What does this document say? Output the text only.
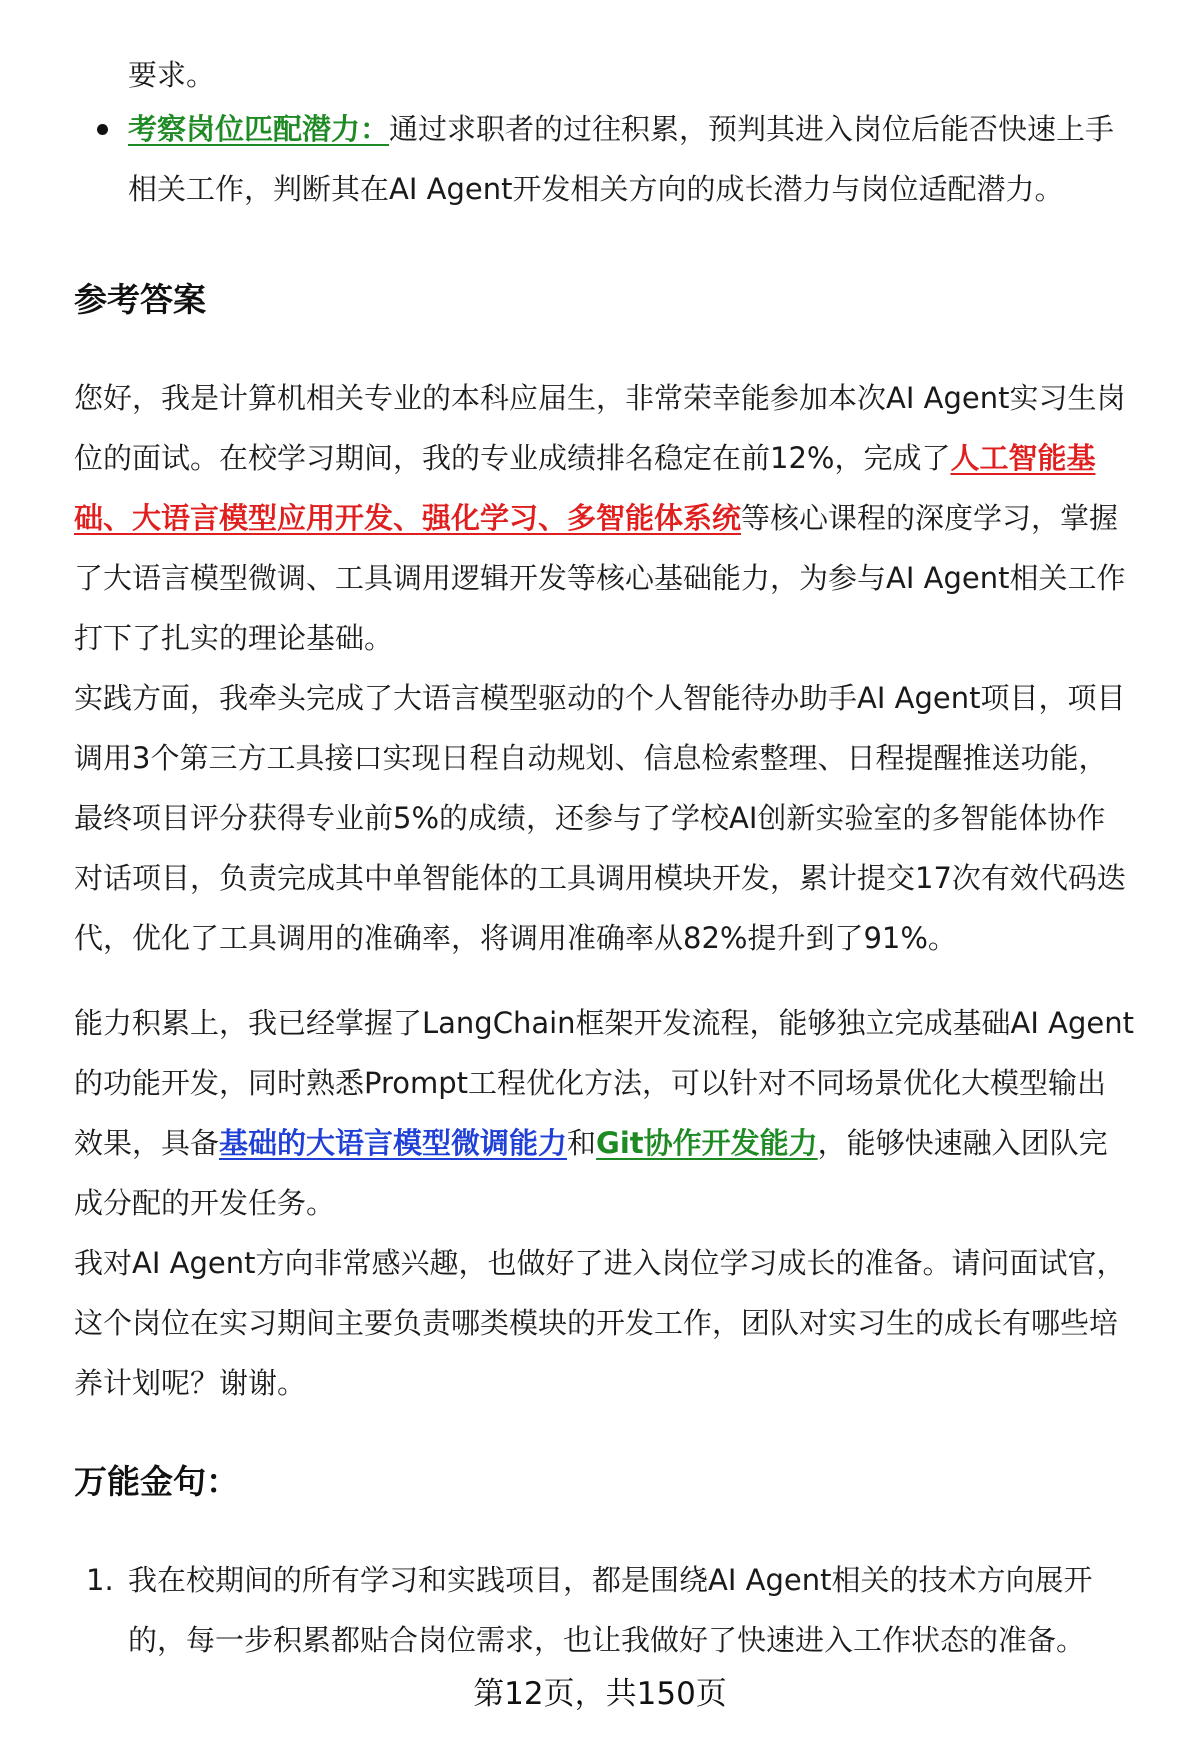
要求。

考察岗位匹配潜力：通过求职者的过往积累，预判其进入岗位后能否快速上手

相关工作，判断其在AI Agent开发相关方向的成长潜力与岗位适配潜力。

参考答案

您好，我是计算机相关专业的本科应届生，非常荣幸能参加本次AI Agent实习生岗

位的面试。在校学习期间，我的专业成绩排名稳定在前12%，完成了人工智能基

础、大语言模型应用开发、强化学习、多智能体系统等核心课程的深度学习，掌握

了大语言模型微调、工具调用逻辑开发等核心基础能力，为参与AI Agent相关工作

打下了扎实的理论基础。

实践方面，我牵头完成了大语言模型驱动的个人智能待办助手AI Agent项目，项目

调用3个第三方工具接口实现日程自动规划、信息检索整理、日程提醒推送功能，

最终项目评分获得专业前5%的成绩，还参与了学校AI创新实验室的多智能体协作

对话项目，负责完成其中单智能体的工具调用模块开发，累计提交17次有效代码迭

代，优化了工具调用的准确率，将调用准确率从82%提升到了91%。

能力积累上，我已经掌握了LangChain框架开发流程，能够独立完成基础AI Agent

的功能开发，同时熟悉Prompt工程优化方法，可以针对不同场景优化大模型输出

效果，具备基础的大语言模型微调能力和Git协作开发能力，能够快速融入团队完

成分配的开发任务。

我对AI Agent方向非常感兴趣，也做好了进入岗位学习成长的准备。请问面试官，

这个岗位在实习期间主要负责哪类模块的开发工作，团队对实习生的成长有哪些培

养计划呢？谢谢。

万能金句：
1. 我在校期间的所有学习和实践项目，都是围绕AI Agent相关的技术方向展开

的，每一步积累都贴合岗位需求，也让我做好了快速进入工作状态的准备。

第12页，共150页
